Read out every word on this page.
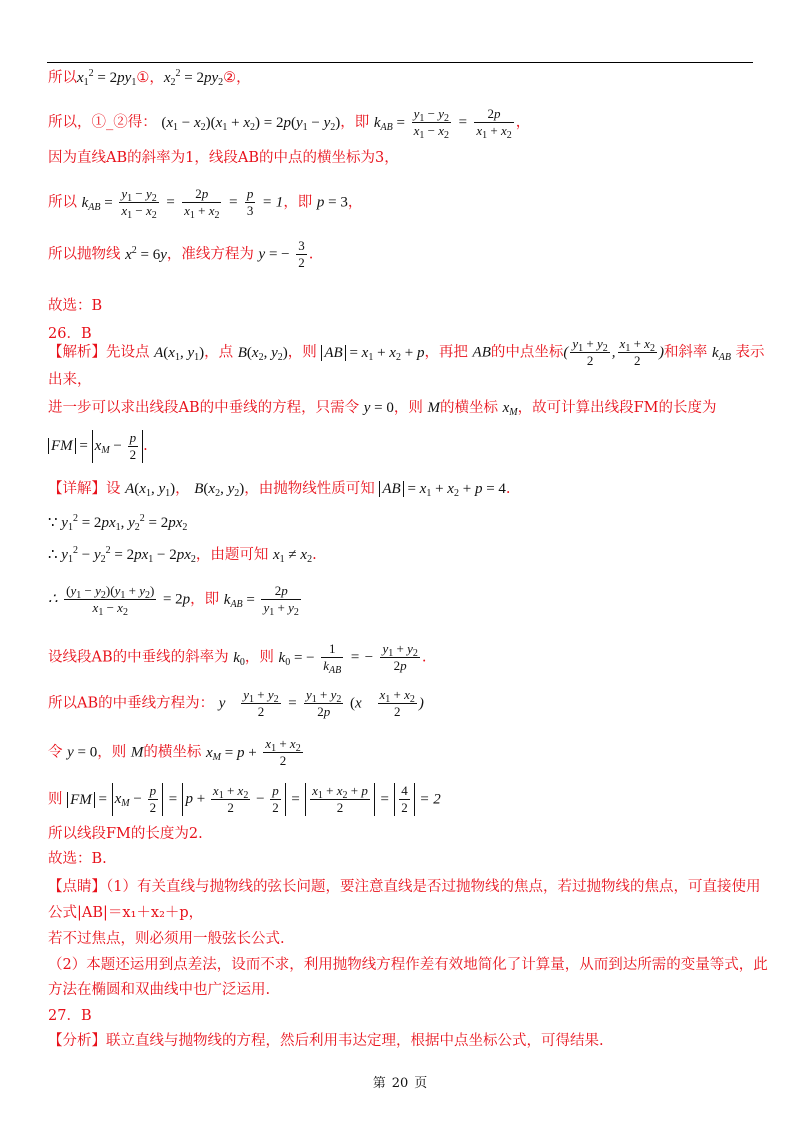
所以$x_1^2$ = $2py_1①$，$x_2^2$ = $2py_2②$，
所以，①_②得： $(x_1 - x_2)(x_1 + x_2) = 2p(y_1 - y_2)$，即 $k_{AB} = \frac{y_1 - y_2}{x_1 - x_2} = \frac{2p}{x_1 + x_2}$ ，
因为直线AB的斜率为1，线段AB的中点的横坐标为3，
所以 $k_{AB} = \frac{y_1 - y_2}{x_1 - x_2} = \frac{2p}{x_1 + x_2} = \frac{p}{3} = 1$，即 p = 3，
所以抛物线 $x^2 = 6y$，准线方程为 y = − $\frac{3}{2}$ .
故选：B
26．B
【解析】先设点 $A(x_1$, $y_1$)，点 $B(x_2$, $y_2$)，则 AB = $x_1 + x_2 + p$，再把 AB的中点坐标( $\frac{y_1 + y_2}{2}$ , $\frac{x_1 + x_2}{2}$ )和斜率 $k_{AB}$ 表示
出来，
进一步可以求出线段AB的中垂线的方程，只需令 y = 0，则 M的横坐标 $x_M$，故可计算出线段FM的长度为
FM = $x_M - \frac{p}{2}$ .
【详解】设 $A(x_1$, $y_1$)， $B(x_2$, $y_2$)，由抛物线性质可知 AB = $x_1 + x_2 + p = 4$.
∵ $y_1^2 = 2px_1$, $y_2^2 = 2px_2$
∴ $y_1^2 - y_2^2 = 2px_1 - 2px_2$，由题可知 $x_1 \ne x_2$.
∴ $\frac{(y_1 - y_2)(y_1 + y_2)}{x_1 - x_2} = 2p$，即 $k_{AB} = \frac{2p}{y_1 + y_2}$
设线段AB的中垂线的斜率为 $k_0$，则 $k_0$ = − $\frac{1}{k_{AB}}$ = − $\frac{y_1 + y_2}{2p}$ .
所以AB的中垂线方程为： y $\frac{y_1 + y_2}{2} = \frac{y_1 + y_2}{2p} (x \frac{x_1 + x_2}{2}$ )
令 y = 0，则 M的横坐标 $x_M = p + \frac{x_1 + x_2}{2}$
则 FM = $x_M - \frac{p}{2} = p + \frac{x_1 + x_2}{2} - \frac{p}{2} = \frac{x_1 + x_2 + p}{2} = \frac{4}{2} = 2$
所以线段FM的长度为2.
故选：B.
【点睛】（1）有关直线与抛物线的弦长问题，要注意直线是否过抛物线的焦点，若过抛物线的焦点，可直接使用
公式|AB|＝x₁＋x₂＋p，
若不过焦点，则必须用一般弦长公式.
（2）本题还运用到点差法，设而不求，利用抛物线方程作差有效地简化了计算量，从而到达所需的变量等式，此
方法在椭圆和双曲线中也广泛运用.
27．B
【分析】联立直线与抛物线的方程，然后利用韦达定理，根据中点坐标公式，可得结果.
第 20 页
